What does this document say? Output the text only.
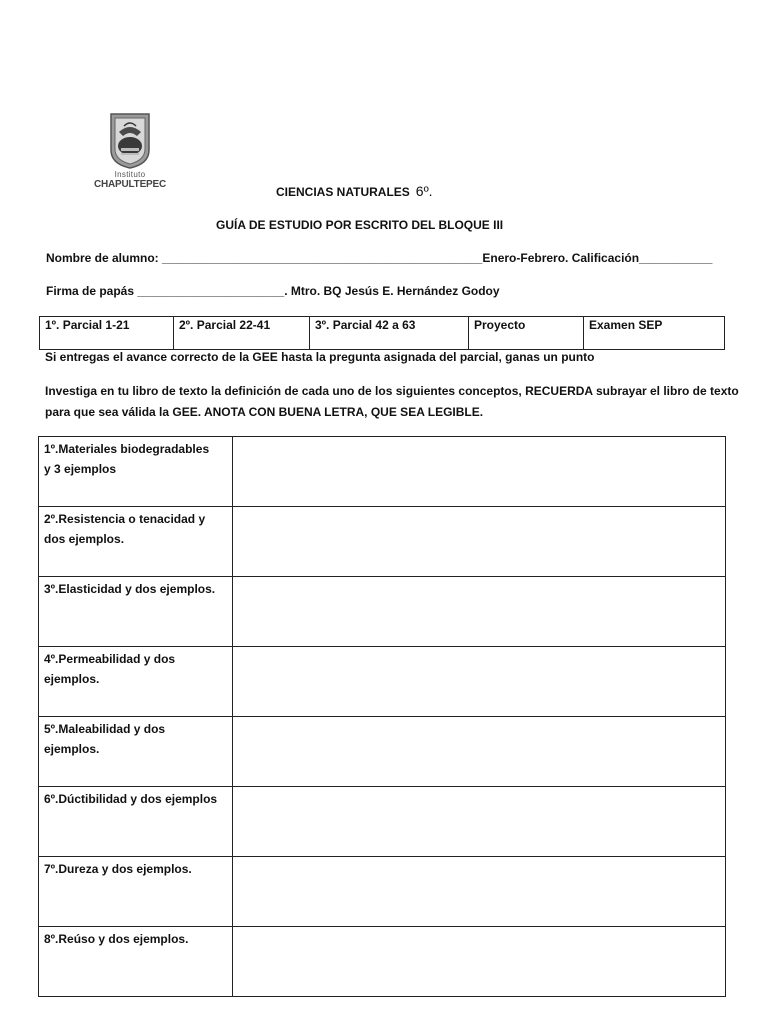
Instituto
CHAPULTEPEC
CIENCIAS NATURALES 6º.
GUÍA DE ESTUDIO POR ESCRITO DEL BLOQUE III
Nombre de alumno: ________________________________________________Enero-Febrero. Calificación___________
Firma de papás ______________________. Mtro. BQ Jesús E. Hernández Godoy
1º. Parcial 1-21	2º. Parcial 22-41	3º. Parcial 42 a 63	Proyecto	Examen SEP
Si entregas el avance correcto de la GEE hasta la pregunta asignada del parcial, ganas un punto
Investiga en tu libro de texto la definición de cada uno de los siguientes conceptos, RECUERDA subrayar el libro de texto
para que sea válida la GEE. ANOTA CON BUENA LETRA, QUE SEA LEGIBLE.
1º.Materiales biodegradables
y 3 ejemplos	

2º.Resistencia o tenacidad y
dos ejemplos.	

3º.Elasticidad y dos ejemplos.	

4º.Permeabilidad y dos
ejemplos.	

5º.Maleabilidad y dos
ejemplos.	

6º.Dúctibilidad y dos ejemplos	

7º.Dureza y dos ejemplos.	

8º.Reúso y dos ejemplos.	
